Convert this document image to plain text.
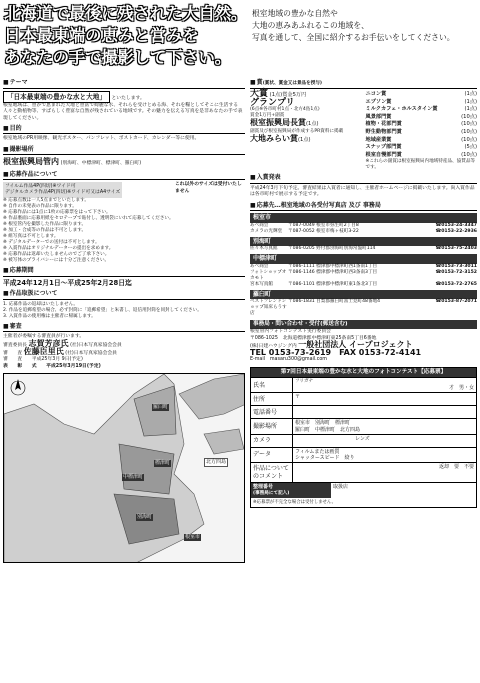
北海道で最後に残された大自然。
日本最東端の恵みと営みを
あなたの手で撮影して下さい。

根室地域の豊かな自然や

大地の恵みあふれるこの地域を、

写真を通して、全国に紹介するお手伝いをしてください。

■テーマ
「日本最東端の豊かな水と大地」 といたします。
根室地域は、豊かで恵まれた大地と豊富で綺麗な水、それらを受けとめる海、それを糧としてそこに生活する人々と動植物等、すばらしく豊富な自然が残されている地域です。その魅力を伝える写真を是非あなたの手で表現してください。
■目的
根室地域のPR用映像、観光ポスター、パンフレット、ポストカード、カレンダー等に使用。
■撮影場所
根室振興局管内 (別海町、中標津町、標津町、羅臼町)
■応募作品について
フイルム作品4P(四切)※ワイド可
デジタルカメラ作品4P(四切)※ワイド可又はA4サイズ
これ以外のサイズは受付いたしません
※ 応募点数は一人5点までといたします。
※ 自作の未発表の作品に限ります。
※ 応募作品には1点に1枚の応募票をはって下さい。
※ 作品裏面に応募用紙をセロテープで貼付し、透明袋にいれて応募してください。
※ 根室管内を撮影した作品に限ります。
※ 加工・合成等の作品は不可とします。
※ 組写真は不可とします。
※ デジタルデーターでの送付は不可とします。
※ 入賞作品はオリジナルデーターの提出を求めます。
※ 応募作品は返却いたしませんのでご了承下さい。
※ 被写体のプライバシーには十分ご注意ください。
■応募期間
平成24年12月1日～平成25年2月28日迄
■作品取扱について
1. 応募作品の返却はいたしません。
2. 作品を追郵希望の場合、必ず封筒に「追郵希望」と朱書し、返信用封筒を同封してください。
3. 入賞作品の使用権は主催者に帰属します。
■審査
主催者が委嘱する審査員が行います。
審査委員長 志賀芳彦氏 (社)日本写真家協会会員
審　　査 佐藤臣里氏 (社)日本写真家協会会員
審　　査　　平成25年3月 9日(予定)
表　　彰　　式　　平成25年3月19日(予定)
羅臼町
標津町
中標津町
別海町
根室市
北方四島
■賞(賞状、賞金又は景品を授与)
大賞 (1点)賞金5万円
グランプリ
(6点※各市町村1点・北方4島1点)
賞金1万円+副賞
根室振興局長賞(1点)
副賞及び根室振興局が作成するPR資料に掲載
大地みらい賞(1点)
ニコン賞	(1点)
エプソン賞	(1点)
ミルクカフェ・ホルスタイン賞	(1点)
風景部門賞	(10点)
植物・花部門賞	(10点)
野生動物部門賞	(10点)
地域産業賞	(10点)
スナップ部門賞	(5点)
根室自慢部門賞	(10点)
※これらの副賞は根室振興局内地域特産品、協賛品等です。
■入賞発表
平成24年3月下旬予定。審査結果は入賞者に通知し、主催者ホームページに掲載いたします。尚入賞作品は各市町村で展示する予定です。
■応募先…根室地域の各受付写真店 及び 事務局
根室市
あべ商会	〒087-0049 根室市弥生町2丁目8	☎0153-24-3347
カメラの光輝堂	〒087-0052 根室市梅ヶ枝町3-22	☎0153-22-2936
別海町
佐々木写真館	〒086-0205 野付郡別海町別海常盤町114	☎0153-75-2403
中標津町
あべ商会	〒086-1111 標津郡中標津町西1条南1丁目	☎0153-73-3011
フォトショップオカモト
〒086-1146 標津郡中標津町西3条南3丁目	☎0153-72-3152
宮本写真館	〒086-1101 標津郡中標津町東1条北3丁目	☎0153-72-2765
羅臼町
ペストフレンドショップ知床らうす店
〒086-1831 目梨郡羅臼町富士見町48番地4	☎0153-87-2071
事務局・問い合わせ・受付(郵送含む)
根室管内フォトコンテスト実行委員会
〒086-1025　北海道標津郡中標津町東25条南5丁目6番地
(株)日建ハウジング内 一般社団法人 イープロジェクト
TEL 0153-73-2619　FAX 0153-72-4141
E-mail　masaru300@gmail.com
第7回日本最東端の豊かな水と大地のフォトコンテスト【応募票】
氏名	フリガナ
才　男・女
住所	〒
電話番号
撮影場所	根室市　別海町　標津町
羅臼町　中標津町　北方四島
カメラ	レンズ
データ	フィルムまたは画質
シャッタースピード　絞り
作品についてのコメント
返却　要　不要
整理番号
(事務局にて記入)
取扱店
※応募票が不完全な場合は受付しません。
